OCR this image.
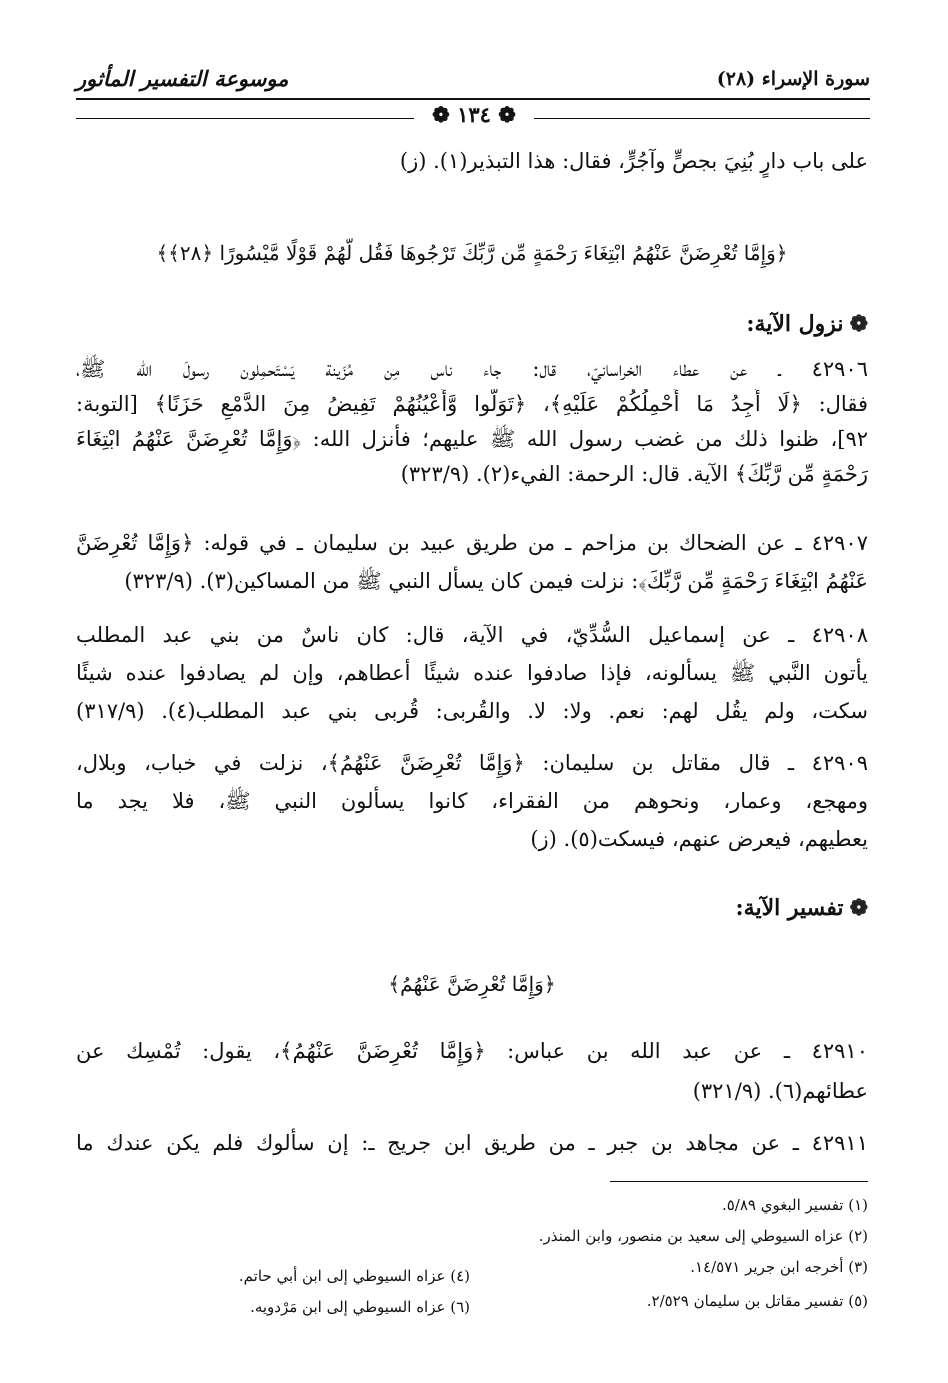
سورة الإسراء (٢٨)
موسوعة التفسير المأثور
❁ ١٣٤ ❁
على باب دارٍ بُنِيَ بجصٍّ وآجُرٍّ، فقال: هذا التبذير(١). (ز)
﴿وَإِمَّا تُعْرِضَنَّ عَنْهُمُ ابْتِغَاءَ رَحْمَةٍ مِّن رَّبِّكَ تَرْجُوهَا فَقُل لَّهُمْ قَوْلًا مَّيْسُورًا ﴿٢٨﴾﴾
❁نزول الآية:
٤٢٩٠٦ ـ عن عطاء الخراسانيّ، قال: جاء ناس مِن مُزَينة يَسْتَحمِلون رسولَ الله ﷺ،
فقال: ﴿لَا أَجِدُ مَا أَحْمِلُكُمْ عَلَيْهِ﴾، ﴿تَوَلَّوا وَّأَعْيُنُهُمْ تَفِيضُ مِنَ الدَّمْعِ حَزَنًا﴾ [التوبة:
٩٢]، ظنوا ذلك من غضب رسول الله ﷺ عليهم؛ فأنزل الله: ﴿وَإِمَّا تُعْرِضَنَّ عَنْهُمُ ابْتِغَاءَ
رَحْمَةٍ مِّن رَّبِّكَ﴾ الآية. قال: الرحمة: الفيء(٢). (٣٢٣/٩)
٤٢٩٠٧ ـ عن الضحاك بن مزاحم ـ من طريق عبيد بن سليمان ـ في قوله: ﴿وَإِمَّا تُعْرِضَنَّ
عَنْهُمُ ابْتِغَاءَ رَحْمَةٍ مِّن رَّبِّكَ﴾: نزلت فيمن كان يسأل النبي ﷺ من المساكين(٣). (٣٢٣/٩)
٤٢٩٠٨ ـ عن إسماعيل السُّدِّيّ، في الآية، قال: كان ناسٌ من بني عبد المطلب
يأتون النَّبي ﷺ يسألونه، فإذا صادفوا عنده شيئًا أعطاهم، وإن لم يصادفوا عنده شيئًا
سكت، ولم يقُل لهم: نعم. ولا: لا. والقُربى: قُربى بني عبد المطلب(٤). (٣١٧/٩)
٤٢٩٠٩ ـ قال مقاتل بن سليمان: ﴿وَإِمَّا تُعْرِضَنَّ عَنْهُمُ﴾، نزلت في خباب، وبلال،
ومهجع، وعمار، ونحوهم من الفقراء، كانوا يسألون النبي ﷺ، فلا يجد ما
يعطيهم، فيعرض عنهم، فيسكت(٥). (ز)
❁تفسير الآية:
﴿وَإِمَّا تُعْرِضَنَّ عَنْهُمُ﴾
٤٢٩١٠ ـ عن عبد الله بن عباس: ﴿وَإِمَّا تُعْرِضَنَّ عَنْهُمُ﴾، يقول: تُمْسِك عن
عطائهم(٦). (٣٢١/٩)
٤٢٩١١ ـ عن مجاهد بن جبر ـ من طريق ابن جريج ـ: إن سألوك فلم يكن عندك ما
(١) تفسير البغوي ٥/٨٩.
(٢) عزاه السيوطي إلى سعيد بن منصور، وابن المنذر.
(٣) أخرجه ابن جرير ١٤/٥٧١.
(٤) عزاه السيوطي إلى ابن أبي حاتم.
(٥) تفسير مقاتل بن سليمان ٢/٥٢٩.
(٦) عزاه السيوطي إلى ابن مَرْدويه.
